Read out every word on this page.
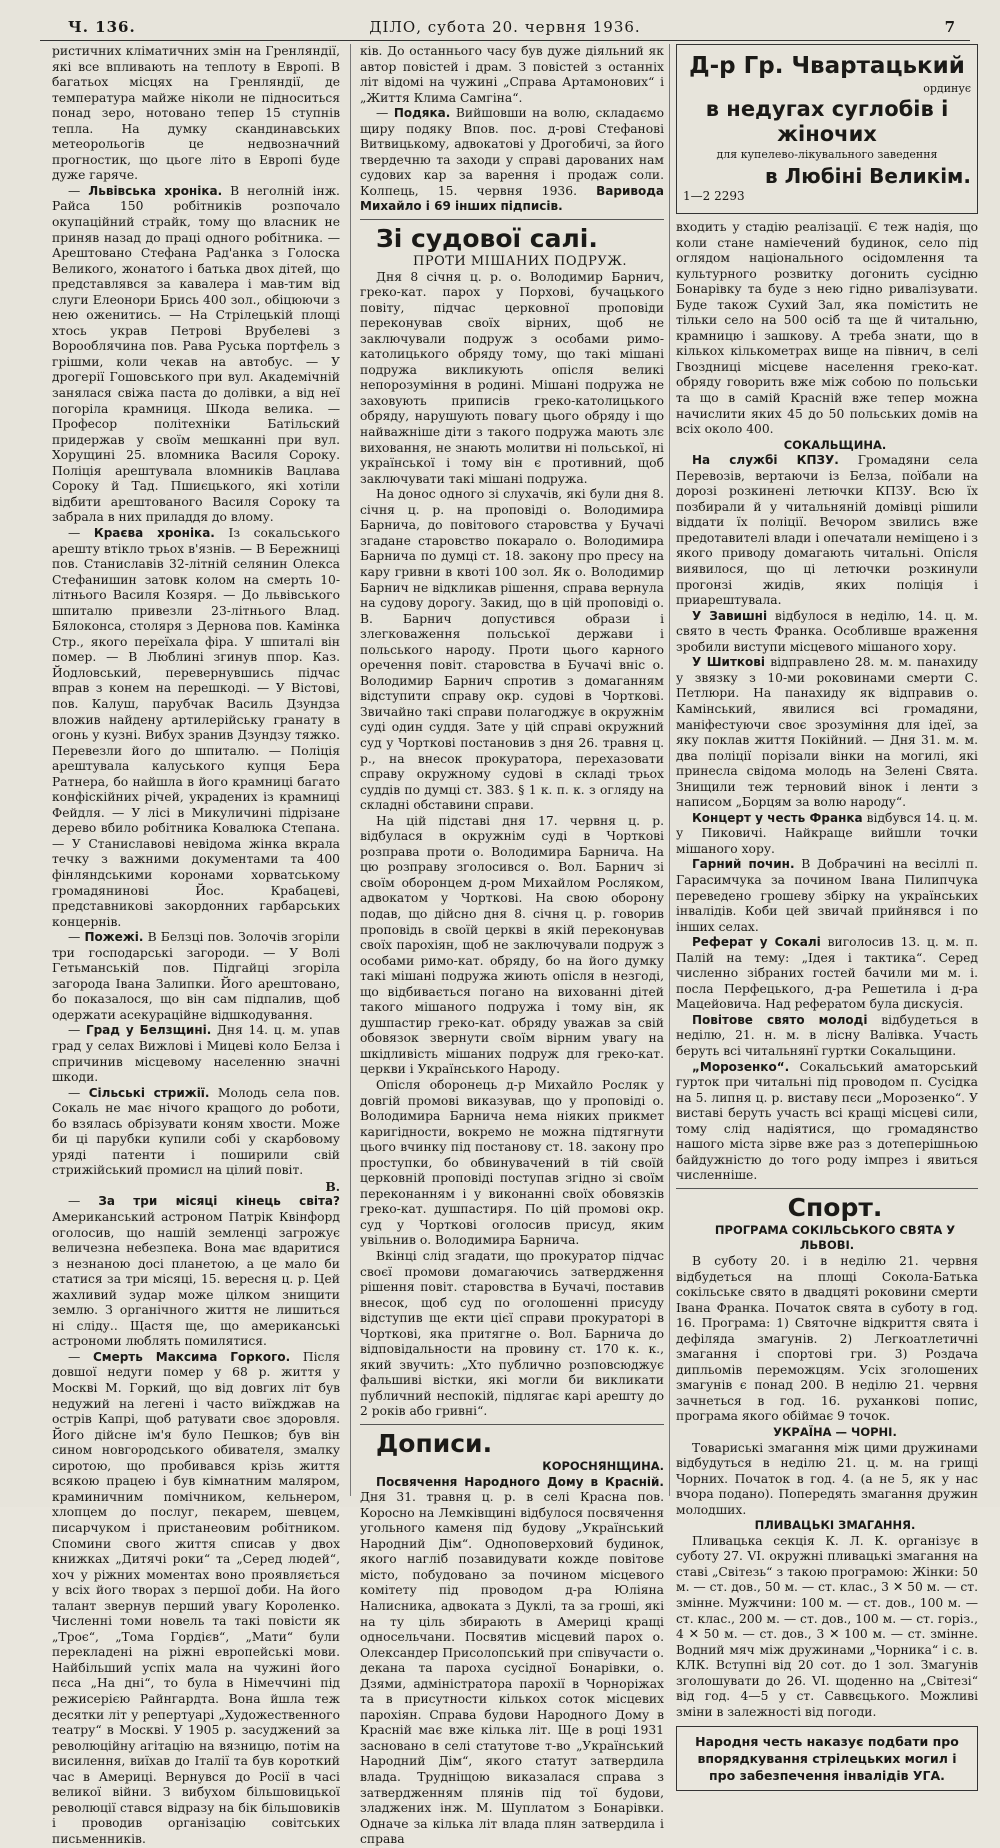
Ч. 136.	ДІЛО, субота 20. червня 1936.	7

ристичних кліматичних змін на Гренляндії, які все впливають на теплоту в Европі. В багатьох місцях на Гренляндії, де температура майже ніколи не підноситься понад зеро, нотовано тепер 15 ступнів тепла. На думку скандинавських метеорольогів це недвозначний прогностик, що цьоге літо в Европі буде дуже гаряче.

— Львівська хроніка. В неголній інж. Райса 150 робітників розпочало окупаційний страйк, тому що власник не приняв назад до праці одного робітника. — Арештовано Стефана Рад'анка з Голоска Великого, жонатого і батька двох дітей, що представлявся за кавалера і мав-тим від слуги Елеонори Брись 400 зол., обіцюючи з нею оженитись. — На Стрілецькій площі хтось украв Петрові Врубелеві з Ворооблячина пов. Рава Руська портфель з грішми, коли чекав на автобус. — У дрогерії Гошовського при вул. Академічній занялася свіжа паста до долівки, а від неї погоріла крамниця. Шкода велика. — Професор політехніки Батільский придержав у своїм мешканні при вул. Хорущині 25. вломника Василя Сороку. Поліція арештувала вломників Вацлава Сороку й Тад. Пшиєцького, які хотіли відбити арештованого Василя Сороку та забрала в них приладдя до влому.

— Краєва хроніка. Із сокальського арешту втікло трьох в'язнів. — В Бережниці пов. Станиславів 32-літній селянин Олекса Стефанишин затовк колом на смерть 10-літнього Василя Козяря. — До львівського шпиталю привезли 23-літнього Влад. Бялоконса, столяря з Дернова пов. Камінка Стр., якого переїхала фіра. У шпиталі він помер. — В Люблині згинув ппор. Каз. Йодловський, перевернувшись підчас вправ з конем на перешкоді. — У Вістові, пов. Калуш, парубчак Василь Дзундза вложив найдену артилерійську гранату в огонь у кузні. Вибух зранив Дзундзу тяжко. Перевезли його до шпиталю. — Поліція арештувала калуського купця Бера Ратнера, бо найшла в його крамниці багато конфіскійних річей, украдених із крамниці Фейдля. — У лісі в Микуличині підрізане дерево вбило робітника Ковалюка Степана. — У Станиславові невідома жінка вкрала течку з важними документами та 400 фінляндськими коронами хорватському громадянинові Йос. Крабацеві, представникові закордонних гарбарських концернів.

— Пожежі. В Белзці пов. Золочів згоріли три господарські загороди. — У Волі Гетьманській пов. Підгайці згоріла загорода Івана Залипки. Його арештовано, бо показалося, що він сам підпалив, щоб одержати асекураційне відшкодування.

— Град у Белзщині. Дня 14. ц. м. упав град у селах Вижлові і Мицеві коло Белза і спричинив місцевому населенню значні шкоди.

— Сільські стрижії. Молодь села пов. Сокаль не має нічого кращого до роботи, бо взялась обрізувати коням хвости. Може би ці парубки купили собі у скарбовому уряді патенти і поширили свій стрижійський промисл на цілий повіт.

В.

— За три місяці кінець світа? Американський астроном Патрік Квінфорд оголосив, що нашій земленці загрожує величезна небезпека. Вона має вдаритися з незнаною досі планетою, а це мало би статися за три місяці, 15. вересня ц. р. Цей жахливий зудар може цілком знищити землю. З органічного життя не лишиться ні сліду.. Щастя ще, що американські астрономи люблять помилятися.

— Смерть Максима Горкого. Після довшої недуги помер у 68 р. життя у Москві М. Горкий, що від довгих літ був недужий на легені і часто виїжджав на острів Капрі, щоб ратувати своє здоровля. Його дійсне ім'я було Пешков; був він сином новгородського обивателя, змалку сиротою, що пробивався крізь життя всякою працею і був кімнатним маляром, краминичним помічником, кельнером, хлопцем до послуг, пекарем, шевцем, писарчуком і пристанеовим робітником. Спомини свого життя списав у двох книжках „Дитячі роки“ та „Серед людей“, хоч у ріжних моментах воно проявляється у всіх його творах з першої доби. На його талант звернув перший увагу Короленко. Численні томи новель та такі повісти як „Троє“, „Тома Гордієв“, „Мати“ були перекладені на ріжні европейські мови. Найбільший успіх мала на чужині його пєса „На дні“, то була в Німеччині під режисерією Райнгардта. Вона йшла теж десятки літ у репертуарі „Художественного театру“ в Москві. У 1905 р. засуджений за революційну агітацію на вязницю, потім на висилення, виїхав до Італії та був короткий час в Америці. Вернувся до Росії в часі великої війни. З вибухом більшовицької революції стався відразу на бік більшовиків і проводив організацію совітських письменників.

ків. До останнього часу був дуже діяльний як автор повістей і драм. З повістей з останніх літ відомі на чужині „Справа Артамонових“ і „Життя Клима Самгіна“.

— Подяка. Вийшовши на волю, складаємо щиру подяку Впов. пос. д-рові Стефанові Витвицькому, адвокатові у Дрогобичі, за його твердечню та заходи у справі дарованих нам судових кар за варення і продаж соли. Колпець, 15. червня 1936. Варивода Михайло і 69 інших підписів.

Зі судової салі.

ПРОТИ МІШАНИХ ПОДРУЖ.

Дня 8 січня ц. р. о. Володимир Барнич, греко-кат. парох у Порхові, бучацького повіту, підчас церковної проповіди переконував своїх вірних, щоб не заключували подруж з особами римо-католицького обряду тому, що такі мішані подружа викликують опісля великі непорозуміння в родині. Мішані подружа не заховують приписів греко-католицького обряду, нарушують повагу цього обряду і що найважніше діти з такого подружа мають злє виховання, не знають молитви ні польської, ні української і тому він є противний, щоб заключувати такі мішані подружа.

На донос одного зі слухачів, які були дня 8. січня ц. р. на проповіді о. Володимира Барнича, до повітового старовства у Бучачі згадане старовство покарало о. Володимира Барнича по думці ст. 18. закону про пресу на кару гривни в квоті 100 зол. Як о. Володимир Барнич не відкликав рішення, справа вернула на судову дорогу. Закид, що в цій проповіді о. В. Барнич допустився образи і злегковаження польської держави і польського народу. Проти цього карного оречення повіт. старовства в Бучачі вніс о. Володимир Барнич спротив з домаганням відступити справу окр. судові в Чорткові. Звичайно такі справи полагоджує в окружнім суді один суддя. Зате у цій справі окружний суд у Чорткові постановив з дня 26. травня ц. р., на внесок прокуратора, перехазовати справу окружному судові в складі трьох суддів по думці ст. 383. § 1 к. п. к. з огляду на складні обставини справи.

На цій підставі дня 17. червня ц. р. відбулася в окружнім суді в Чорткові розправа проти о. Володимира Барнича. На цю розправу зголосився о. Вол. Барнич зі своїм оборонцем д-ром Михайлом Росляком, адвокатом у Чорткові. На свою оборону подав, що дійсно дня 8. січня ц. р. говорив проповідь в своїй церкві в якій переконував своїх парохіян, щоб не заключували подруж з особами римо-кат. обряду, бо на його думку такі мішані подружа жиють опісля в незгоді, що відбивається погано на вихованні дітей такого мішаного подружа і тому він, як душпастир греко-кат. обряду уважав за свій обовязок звернути своїм вірним увагу на шкідливість мішаних подруж для греко-кат. церкви і Українського Народу.

Опісля оборонець д-р Михайло Росляк у довгій промові виказував, що у проповіді о. Володимира Барнича нема ніяких прикмет каригідности, вокремо не можна підтягнути цього вчинку під постанову ст. 18. закону про проступки, бо обвинувачений в тій своїй церковній проповіді поступав згідно зі своїм переконанням і у виконанні своїх обовязків греко-кат. душпастиря. По цій промові окр. суд у Чорткові оголосив присуд, яким увільнив о. Володимира Барнича.

Вкінці слід згадати, що прокуратор підчас своєї промови домагаючись затвердження рішення повіт. старовства в Бучачі, поставив внесок, щоб суд по оголошенні присуду відступив ще екти цієї справи прокураторі в Чорткові, яка притягне о. Вол. Барнича до відповідальности на провину ст. 170 к. к., який звучить: „Хто публично розповсюджує фальшиві вістки, які могли би викликати публичний неспокій, підлягає карі арешту до 2 років або гривні“.

Дописи.

КОРОСНЯНЩИНА.

Посвячення Народного Дому в Красній. Дня 31. травня ц. р. в селі Красна пов. Коросно на Лемківщині відбулося посвячення угольного каменя під будову „Український Народний Дім“. Одноповерховий будинок, якого нагліб позавидувати кожде повітове місто, побудовано за почином місцевого комітету під проводом д-ра Юліяна Налисника, адвоката з Дуклі, та за гроші, які на ту ціль збирають в Америці кращі односельчани. Посвятив місцевий парох о. Олександер Присолопський при співучасти о. декана та пароха сусідної Бонарівки, о. Дзями, адміністратора парохії в Чорноріжах та в присутности кількох соток місцевих парохіян. Справа будови Народного Дому в Красній має вже кілька літ. Ще в році 1931 засновано в селі статутове т-во „Український Народний Дім“, якого статут затвердила влада. Трудніщою виказалася справа з затвердженням плянів під тої будови, зладжених інж. М. Шуплатом з Бонарівки. Одначе за кілька літ влада плян затвердила і справа

Д-р Гр. Чвартацький
ординує
в недугах суглобів і жіночих
для купелево-лікувального заведення
в Любіні Великім.
1—2 2293

входить у стадію реалізації. Є теж надія, що коли стане наміечений будинок, село під оглядом національного осідомлення та культурного розвитку догонить сусідню Бонарівку та буде з нею гідно ривалізувати. Буде також Сухий Зал, яка помістить не тільки село на 500 осіб та ще й читальню, крамницю і зашкову. А треба знати, що в кількох кількометрах вище на півнич, в селі Гвоздниці місцеве населення греко-кат. обряду говорить вже між собою по польськи та що в самій Красній вже тепер можна начислити яких 45 до 50 польських домів на всіх около 400.

СОКАЛЬЩИНА.

На службі КПЗУ. Громадяни села Перевозів, вертаючи із Белза, поїбали на дорозі розкинені летючки КПЗУ. Всю їх позбирали й у читальняній домівці рішили віддати їх поліції. Вечором звились вже предотавителі влади і опечатали неміщено і з якого приводу домагають читальні. Опісля виявилося, що ці летючки розкинули прогонзі жидів, яких поліція і приарештувала.

У Завишні відбулося в неділю, 14. ц. м. свято в честь Франка. Особливше враження зробили виступи місцевого мішаного хору.

У Шиткові відправлено 28. м. м. панахиду у звязку з 10-ми роковинами смерти С. Петлюри. На панахиду як відправив о. Камінський, явилися всі громадяни, маніфестуючи своє зрозуміння для ідеї, за яку поклав життя Покійний. — Дня 31. м. м. два поліції порізали вінки на могилі, які принесла свідома молодь на Зелені Свята. Знищили теж терновий вінок і ленти з написом „Борцям за волю народу“.

Концерт у честь Франка відбувся 14. ц. м. у Пиковичі. Найкраще вийшли точки мішаного хору.

Гарний почин. В Добрачині на весіллі п. Гарасимчука за почином Івана Пилипчука переведено грошеву збірку на українських інвалідів. Коби цей звичай прийнявся і по інших селах.

Реферат у Сокалі виголосив 13. ц. м. п. Палій на тему: „Ідея і тактика“. Серед численно зібраних гостей бачили ми м. і. посла Перфецького, д-ра Решетила і д-ра Мацейовича. Над рефератом була дискусія.

Повітове свято молоді відбудеться в неділю, 21. н. м. в лісну Валівка. Участь беруть всі читальнянї гуртки Сокальщини.

„Морозенко“. Сокальський аматорський гурток при читальні під проводом п. Сусідка на 5. липня ц. р. виставу пєси „Морозенко“. У виставі беруть участь всі кращі місцеві сили, тому слід надіятися, що громадянство нашого міста зірве вже раз з дотеперішньою байдужністю до того роду імпрез і явиться численніше.

Спорт.

ПРОГРАМА СОКІЛЬСЬКОГО СВЯТА У ЛЬВОВІ.

В суботу 20. і в неділю 21. червня відбудеться на площі Сокола-Батька сокільське свято в двадцяті роковини смерти Івана Франка. Початок свята в суботу в год. 16. Програма: 1) Святочне відкриття свята і дефіляда змагунів. 2) Легкоатлетичні змагання і спортові гри. 3) Роздача дипльомів переможцям. Усіх зголошених змагунів є понад 200. В неділю 21. червня зачнеться в год. 16. руханкові попис, програма якого обіймає 9 точок.

УКРАЇНА — ЧОРНІ.

Товариські змагання між цими дружинами відбудуться в неділю 21. ц. м. на грищі Чорних. Початок в год. 4. (а не 5, як у нас вчора подано). Попередять змагання дружин молодших.

ПЛИВАЦЬКІ ЗМАГАННЯ.

Пливацька секція К. Л. К. організує в суботу 27. VI. окружні пливацькі змагання на ставі „Світезь“ з такою програмою: Жінки: 50 м. — ст. дов., 50 м. — ст. клас., 3 ✕ 50 м. — ст. змінне. Мужчини: 100 м. — ст. дов., 100 м. — ст. клас., 200 м. — ст. дов., 100 м. — ст. горіз., 4 ✕ 50 м. — ст. дов., 3 ✕ 100 м. — ст. змінне. Водний мяч між дружинами „Чорника“ і с. в. КЛК. Вступні від 20 сот. до 1 зол. Змагунів зголошувати до 26. VI. щоденно на „Світезі“ від год. 4—5 у ст. Саввєцького. Можливі зміни в залежності від погоди.

Народня честь наказує подбати про впорядкування стрілецьких могил і про забезпечення інвалідів УГА.
